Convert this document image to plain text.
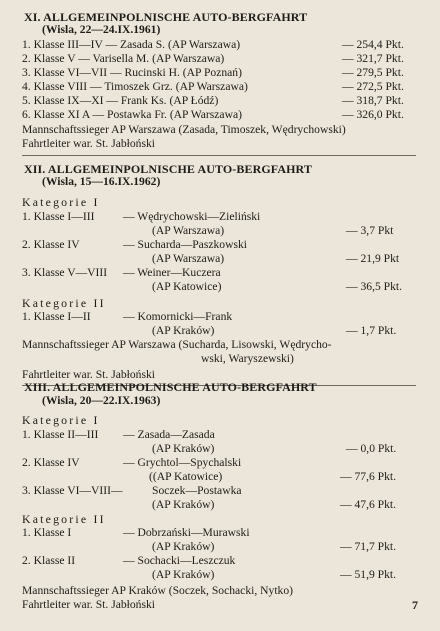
XI. ALLGEMEINPOLNISCHE AUTO-BERGFAHRT
(Wisla, 22—24.IX.1961)
1. Klasse III—IV — Zasada S. (AP Warszawa)	— 254,4 Pkt.
2. Klasse V — Varisella M. (AP Warszawa)	— 321,7 Pkt.
3. Klasse VI—VII — Rucinski H. (AP Poznań)	— 279,5 Pkt.
4. Klasse VIII — Timoszek Grz. (AP Warszawa)	— 272,5 Pkt.
5. Klasse IX—XI — Frank Ks. (AP Łódź)	— 318,7 Pkt.
6. Klasse XI A — Postawka Fr. (AP Warszawa)	— 326,0 Pkt.
Mannschaftssieger AP Warszawa (Zasada, Timoszek, Wędrychowski)
Fahrtleiter war. St. Jabłoński
XII. ALLGEMEINPOLNISCHE AUTO-BERGFAHRT
(Wisla, 15—16.IX.1962)
Kategorie I
1. Klasse I—III — Wędrychowski—Zieliński
(AP Warszawa)	— 3,7 Pkt
2. Klasse IV	— Sucharda—Paszkowski
(AP Warszawa)	— 21,9 Pkt
3. Klasse V—VIII — Weiner—Kuczera
(AP Katowice)	— 36,5 Pkt.
Kategorie II
1. Klasse I—II	— Komornicki—Frank
(AP Kraków)	— 1,7 Pkt.
Mannschaftssieger AP Warszawa (Sucharda, Lisowski, Wędrycho-
wski, Waryszewski)
Fahrtleiter war. St. Jabłoński
XIII. ALLGEMEINPOLNISCHE AUTO-BERGFAHRT
(Wisla, 20—22.IX.1963)
Kategorie I
1. Klasse II—III — Zasada—Zasada
(AP Kraków)	— 0,0 Pkt.
2. Klasse IV	— Grychtol—Spychalski
((AP Katowice)	— 77,6 Pkt.
3. Klasse VI—VIII—	Soczek—Postawka
(AP Kraków)	— 47,6 Pkt.
Kategorie II
1. Klasse I	— Dobrzański—Murawski
(AP Kraków)	— 71,7 Pkt.
2. Klasse II	— Sochacki—Leszczuk
(AP Kraków)	— 51,9 Pkt.
Mannschaftssieger AP Kraków (Soczek, Sochacki, Nytko)
Fahrtleiter war. St. Jabłoński	7
